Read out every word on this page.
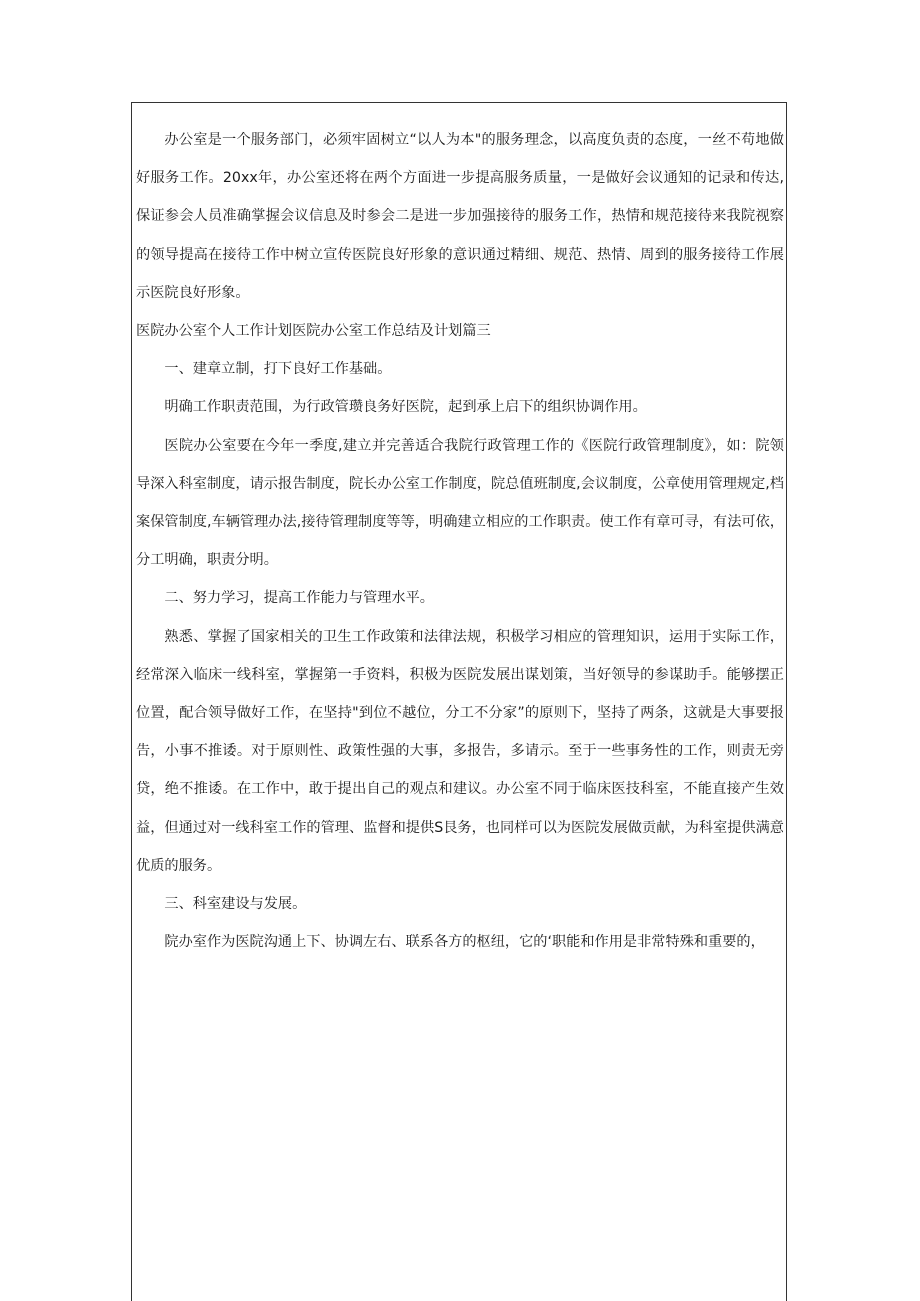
办公室是一个服务部门，必须牢固树立“以人为本"的服务理念，以高度负责的态度，一丝不苟地做好服务工作。20xx年，办公室还将在两个方面进一步提高服务质量，一是做好会议通知的记录和传达,保证参会人员准确掌握会议信息及时参会二是进一步加强接待的服务工作，热情和规范接待来我院视察的领导提高在接待工作中树立宣传医院良好形象的意识通过精细、规范、热情、周到的服务接待工作展示医院良好形象。

医院办公室个人工作计划医院办公室工作总结及计划篇三

一、建章立制，打下良好工作基础。

明确工作职责范围，为行政管瓒良务好医院，起到承上启下的组织协调作用。

医院办公室要在今年一季度,建立并完善适合我院行政管理工作的《医院行政管理制度》，如：院领导深入科室制度，请示报告制度，院长办公室工作制度，院总值班制度,会议制度，公章使用管理规定,档案保管制度,车辆管理办法,接待管理制度等等，明确建立相应的工作职责。使工作有章可寻，有法可依，分工明确，职责分明。

二、努力学习，提高工作能力与管理水平。

熟悉、掌握了国家相关的卫生工作政策和法律法规，积极学习相应的管理知识，运用于实际工作，经常深入临床一线科室，掌握第一手资料，积极为医院发展出谋划策，当好领导的参谋助手。能够摆正位置，配合领导做好工作，在坚持"到位不越位，分工不分家”的原则下，坚持了两条，这就是大事要报告，小事不推诿。对于原则性、政策性强的大事，多报告，多请示。至于一些事务性的工作，则责无旁贷，绝不推诿。在工作中，敢于提出自己的观点和建议。办公室不同于临床医技科室，不能直接产生效益，但通过对一线科室工作的管理、监督和提供S艮务，也同样可以为医院发展做贡献，为科室提供满意优质的服务。

三、科室建设与发展。

院办室作为医院沟通上下、协调左右、联系各方的枢纽，它的‘职能和作用是非常特殊和重要的，
